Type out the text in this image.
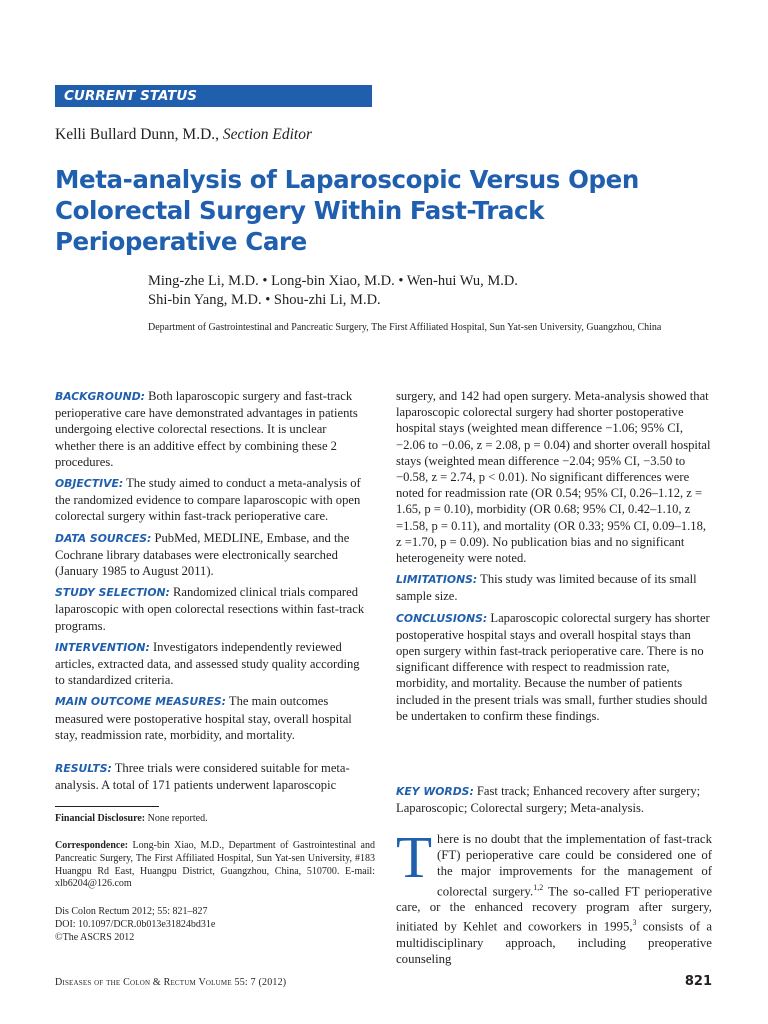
CURRENT STATUS
Kelli Bullard Dunn, M.D., Section Editor
Meta-analysis of Laparoscopic Versus Open Colorectal Surgery Within Fast-Track Perioperative Care
Ming-zhe Li, M.D. • Long-bin Xiao, M.D. • Wen-hui Wu, M.D.
Shi-bin Yang, M.D. • Shou-zhi Li, M.D.
Department of Gastrointestinal and Pancreatic Surgery, The First Affiliated Hospital, Sun Yat-sen University, Guangzhou, China

BACKGROUND: Both laparoscopic surgery and fast-track perioperative care have demonstrated advantages in patients undergoing elective colorectal resections. It is unclear whether there is an additive effect by combining these 2 procedures.

OBJECTIVE: The study aimed to conduct a meta-analysis of the randomized evidence to compare laparoscopic with open colorectal surgery within fast-track perioperative care.

DATA SOURCES: PubMed, MEDLINE, Embase, and the Cochrane library databases were electronically searched (January 1985 to August 2011).

STUDY SELECTION: Randomized clinical trials compared laparoscopic with open colorectal resections within fast-track programs.

INTERVENTION: Investigators independently reviewed articles, extracted data, and assessed study quality according to standardized criteria.

MAIN OUTCOME MEASURES: The main outcomes measured were postoperative hospital stay, overall hospital stay, readmission rate, morbidity, and mortality.

RESULTS: Three trials were considered suitable for meta-analysis. A total of 171 patients underwent laparoscopic

surgery, and 142 had open surgery. Meta-analysis showed that laparoscopic colorectal surgery had shorter postoperative hospital stays (weighted mean difference −1.06; 95% CI, −2.06 to −0.06, z = 2.08, p = 0.04) and shorter overall hospital stays (weighted mean difference −2.04; 95% CI, −3.50 to −0.58, z = 2.74, p < 0.01). No significant differences were noted for readmission rate (OR 0.54; 95% CI, 0.26–1.12, z = 1.65, p = 0.10), morbidity (OR 0.68; 95% CI, 0.42–1.10, z =1.58, p = 0.11), and mortality (OR 0.33; 95% CI, 0.09–1.18, z =1.70, p = 0.09). No publication bias and no significant heterogeneity were noted.

LIMITATIONS: This study was limited because of its small sample size.

CONCLUSIONS: Laparoscopic colorectal surgery has shorter postoperative hospital stays and overall hospital stays than open surgery within fast-track perioperative care. There is no significant difference with respect to readmission rate, morbidity, and mortality. Because the number of patients included in the present trials was small, further studies should be undertaken to confirm these findings.

KEY WORDS: Fast track; Enhanced recovery after surgery; Laparoscopic; Colorectal surgery; Meta-analysis.
Financial Disclosure: None reported.
Correspondence: Long-bin Xiao, M.D., Department of Gastrointestinal and Pancreatic Surgery, The First Affiliated Hospital, Sun Yat-sen University, #183 Huangpu Rd East, Huangpu District, Guangzhou, China, 510700. E-mail: xlb6204@126.com
Dis Colon Rectum 2012; 55: 821–827
DOI: 10.1097/DCR.0b013e31824bd31e
©The ASCRS 2012
There is no doubt that the implementation of fast-track (FT) perioperative care could be considered one of the major improvements for the management of colorectal surgery.$^{1,2}$ The so-called FT perioperative care, or the enhanced recovery program after surgery, initiated by Kehlet and coworkers in 1995,$^3$ consists of a multidisciplinary approach, including preoperative counseling
Diseases of the Colon & Rectum Volume 55: 7 (2012)	821
